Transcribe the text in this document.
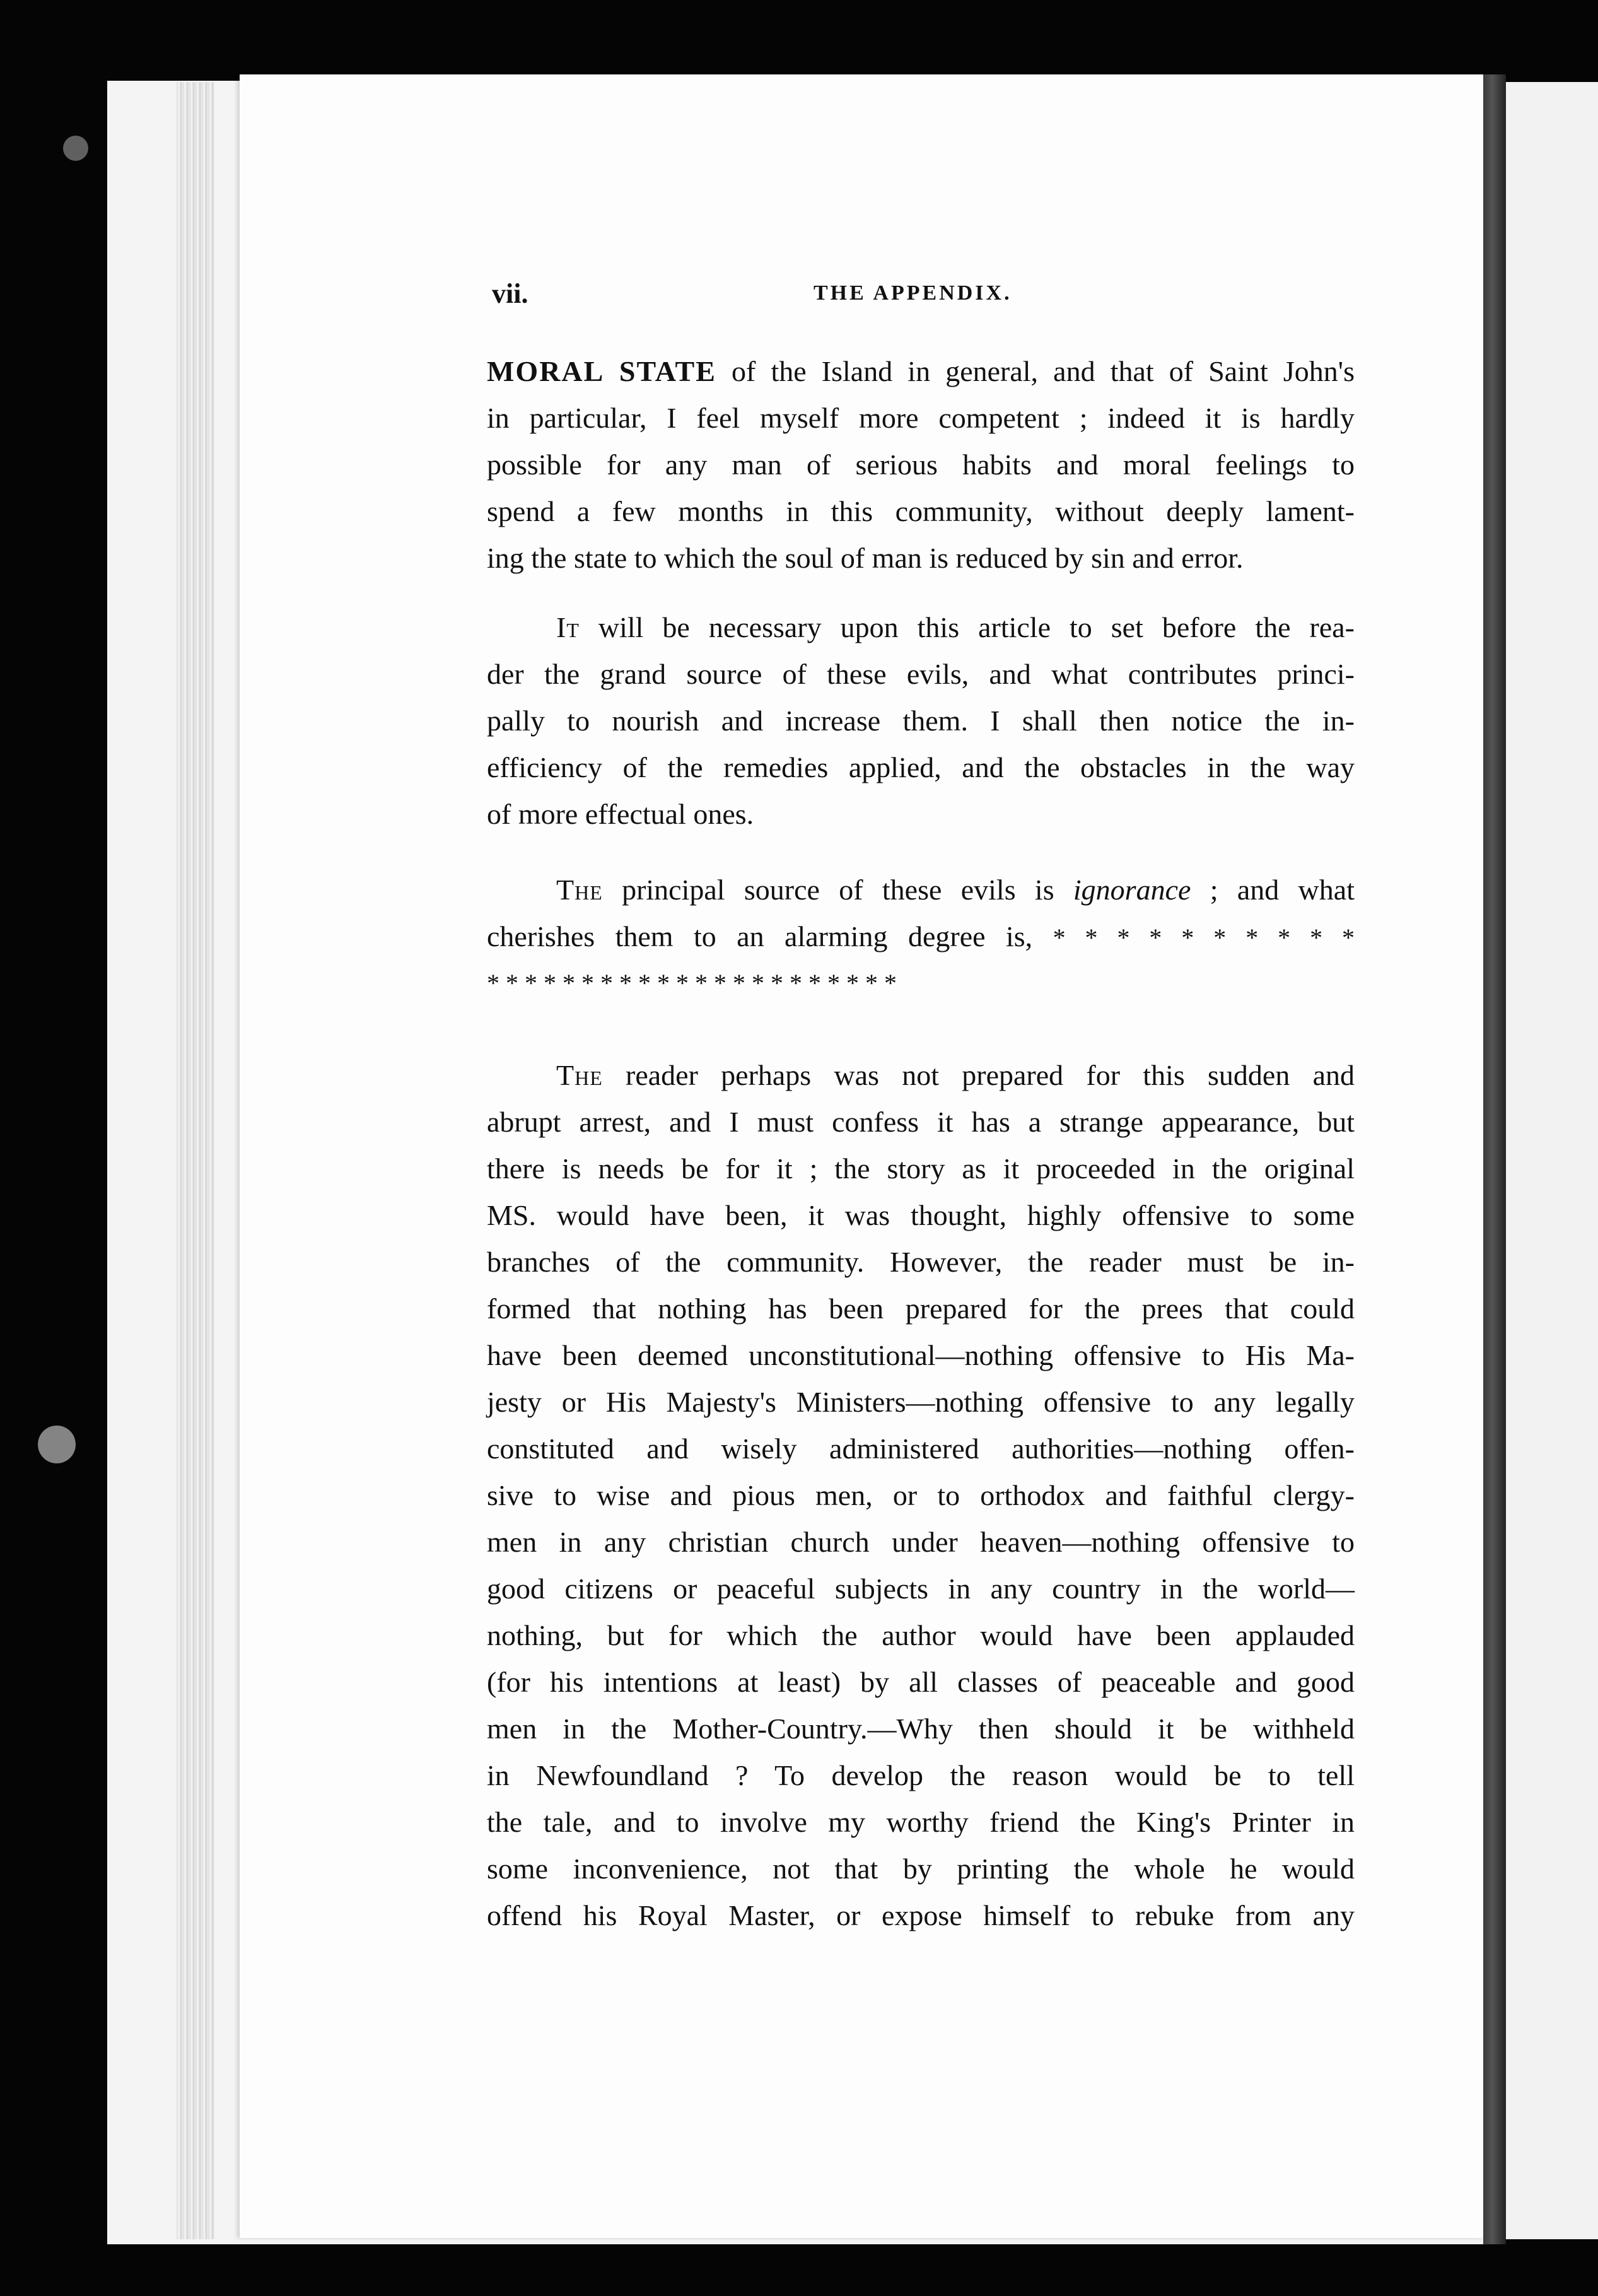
vii.	THE APPENDIX.

MORAL STATE of the Island in general, and that of Saint John's
in particular, I feel myself more competent ; indeed it is hardly
possible for any man of serious habits and moral feelings to
spend a few months in this community, without deeply lament-
ing the state to which the soul of man is reduced by sin and error.

It will be necessary upon this article to set before the rea-
der the grand source of these evils, and what contributes princi-
pally to nourish and increase them. I shall then notice the in-
efficiency of the remedies applied, and the obstacles in the way
of more effectual ones.

The principal source of these evils is ignorance ; and what
cherishes them to an alarming degree is, * * * * * * * * * *
* * * * * * * * * * * * * * * * * * * * * *

The reader perhaps was not prepared for this sudden and
abrupt arrest, and I must confess it has a strange appearance, but
there is needs be for it ; the story as it proceeded in the original
MS. would have been, it was thought, highly offensive to some
branches of the community. However, the reader must be in-
formed that nothing has been prepared for the prees that could
have been deemed unconstitutional—nothing offensive to His Ma-
jesty or His Majesty's Ministers—nothing offensive to any legally
constituted and wisely administered authorities—nothing offen-
sive to wise and pious men, or to orthodox and faithful clergy-
men in any christian church under heaven—nothing offensive to
good citizens or peaceful subjects in any country in the world—
nothing, but for which the author would have been applauded
(for his intentions at least) by all classes of peaceable and good
men in the Mother-Country.—Why then should it be withheld
in Newfoundland ? To develop the reason would be to tell
the tale, and to involve my worthy friend the King's Printer in
some inconvenience, not that by printing the whole he would
offend his Royal Master, or expose himself to rebuke from any
